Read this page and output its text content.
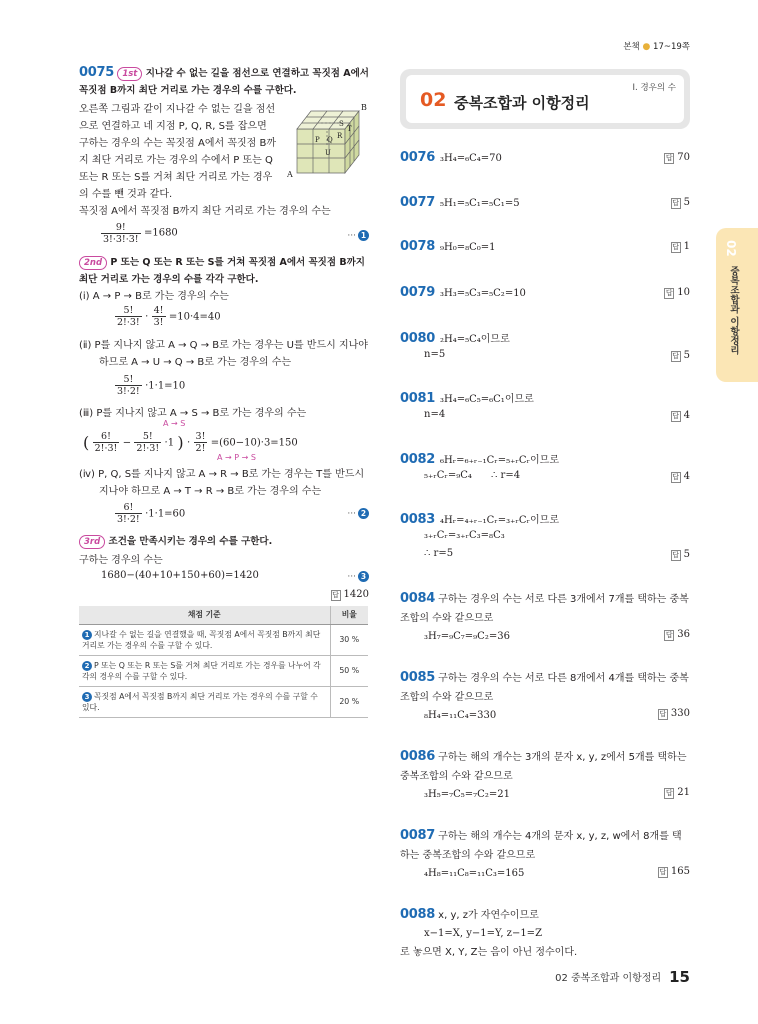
본책 ● 17~19쪽
0075 1st 지나갈 수 없는 길을 점선으로 연결하고 꼭짓점 A에서 꼭짓점 B까지 최단 거리로 가는 경우의 수를 구한다.
오른쪽 그림과 같이 지나갈 수 없는 길을 점선으로 연결하고 네 지점 P, Q, R, S를 잡으면 구하는 경우의 수는 꼭짓점 A에서 꼭짓점 B까지 최단 거리로 가는 경우의 수에서 P 또는 Q 또는 R 또는 S를 거쳐 최단 거리로 가는 경우의 수를 뺀 것과 같다.
꼭짓점 A에서 꼭짓점 B까지 최단 거리로 가는 경우의 수는
$\frac{9!}{3!\cdot 3!\cdot 3!} =1680$	··· 1
2nd P 또는 Q 또는 R 또는 S를 거쳐 꼭짓점 A에서 꼭짓점 B까지 최단 거리로 가는 경우의 수를 각각 구한다.
(ⅰ) A → P → B로 가는 경우의 수는
$\frac{5!}{2!\cdot 3!} \cdot \frac{4!}{3!} =10\cdot 4=40$
(ⅱ) P를 지나지 않고 A → Q → B로 가는 경우는 U를 반드시 지나야 하므로 A → U → Q → B로 가는 경우의 수는
$\frac{5!}{3!\cdot 2!} \cdot 1\cdot 1=10$
(ⅲ) P를 지나지 않고 A → S → B로 가는 경우의 수는
A → S
A → P → S
( $\frac{6!}{2!\cdot 3!} - \frac{5!}{2!\cdot 3!} \cdot 1$ ) · $\frac{3!}{2!} =(60-10)\cdot 3=150$
(ⅳ) P, Q, S를 지나지 않고 A → R → B로 가는 경우는 T를 반드시 지나야 하므로 A → T → R → B로 가는 경우의 수는
$\frac{6!}{3!\cdot 2!} \cdot 1\cdot 1=60$	··· 2
3rd 조건을 만족시키는 경우의 수를 구한다.
구하는 경우의 수는
1680−(40+10+150+60)=1420	··· 3
답 1420
A
B
P Q R
S
T
U
채점 기준	비율
1 지나갈 수 없는 길을 연결했을 때, 꼭짓점 A에서 꼭짓점 B까지 최단 거리로 가는 경우의 수를 구할 수 있다.	30 %
2 P 또는 Q 또는 R 또는 S를 거쳐 최단 거리로 가는 경우를 나누어 각각의 경우의 수를 구할 수 있다.	50 %
3 꼭짓점 A에서 꼭짓점 B까지 최단 거리로 가는 경우의 수를 구할 수 있다.	20 %
Ⅰ. 경우의 수
02 중복조합과 이항정리
02
중복조합과 이항정리
0076 ₃H₄=₆C₄=70	답 70
0077 ₅H₁=₅C₁=₅C₁=5	답 5
0078 ₉H₀=₈C₀=1	답 1
0079 ₃H₃=₅C₃=₅C₂=10	답 10
0080 ₂H₄=₅C₄이므로
n=5	답 5
0081 ₃H₄=₆C₅=₆C₁이므로
n=4	답 4
0082 ₆Hᵣ=₆₊ᵣ₋₁Cᵣ=₅₊ᵣCᵣ이므로
₅₊ᵣCᵣ=₉C₄      ∴ r=4	답 4
0083 ₄Hᵣ=₄₊ᵣ₋₁Cᵣ=₃₊ᵣCᵣ이므로
₃₊ᵣCᵣ=₃₊ᵣC₃=₈C₃
∴ r=5	답 5
0084 구하는 경우의 수는 서로 다른 3개에서 7개를 택하는 중복조합의 수와 같으므로
₃H₇=₉C₇=₉C₂=36	답 36
0085 구하는 경우의 수는 서로 다른 8개에서 4개를 택하는 중복조합의 수와 같으므로
₈H₄=₁₁C₄=330	답 330
0086 구하는 해의 개수는 3개의 문자 x, y, z에서 5개를 택하는 중복조합의 수와 같으므로
₃H₅=₇C₅=₇C₂=21	답 21
0087 구하는 해의 개수는 4개의 문자 x, y, z, w에서 8개를 택하는 중복조합의 수와 같으므로
₄H₈=₁₁C₈=₁₁C₃=165	답 165
0088 x, y, z가 자연수이므로
x−1=X, y−1=Y, z−1=Z
로 놓으면 X, Y, Z는 음이 아닌 정수이다.
02 중복조합과 이항정리 15
